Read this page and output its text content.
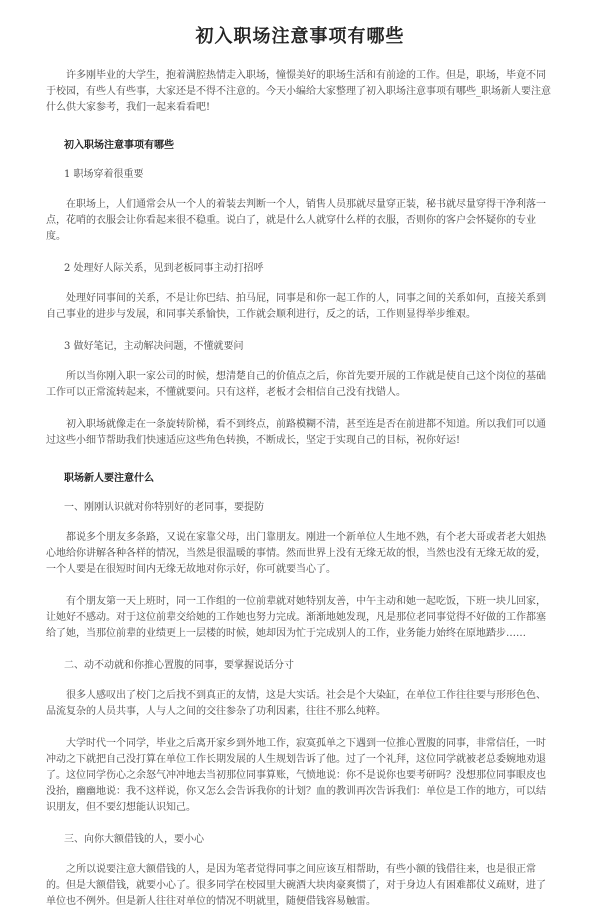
初入职场注意事项有哪些

许多刚毕业的大学生，抱着满腔热情走入职场，憧憬美好的职场生活和有前途的工作。但是，职场，毕竟不同于校园，有些人有些事，大家还是不得不注意的。今天小编给大家整理了初入职场注意事项有哪些_职场新人要注意什么供大家参考，我们一起来看看吧!

初入职场注意事项有哪些
1 职场穿着很重要

在职场上，人们通常会从一个人的着装去判断一个人，销售人员那就尽量穿正装，秘书就尽量穿得干净利落一点，花哨的衣服会让你看起来很不稳重。说白了，就是什么人就穿什么样的衣服，否则你的客户会怀疑你的专业度。

2 处理好人际关系，见到老板同事主动打招呼

处理好同事间的关系，不是让你巴结、拍马屁，同事是和你一起工作的人，同事之间的关系如何，直接关系到自己事业的进步与发展，和同事关系愉快，工作就会顺利进行，反之的话，工作则显得举步维艰。

3 做好笔记，主动解决问题，不懂就要问

所以当你刚入职一家公司的时候，想清楚自己的价值点之后，你首先要开展的工作就是使自己这个岗位的基础工作可以正常流转起来，不懂就要问。只有这样，老板才会相信自己没有找错人。

初入职场就像走在一条旋转阶梯，看不到终点，前路模糊不清，甚至连是否在前进都不知道。所以我们可以通过这些小细节帮助我们快速适应这些角色转换，不断成长，坚定于实现自己的目标，祝你好运!

职场新人要注意什么
一、刚刚认识就对你特别好的老同事，要提防

都说多个朋友多条路，又说在家靠父母，出门靠朋友。刚进一个新单位人生地不熟，有个老大哥或者老大姐热心地给你讲解各种各样的情况，当然是很温暖的事情。然而世界上没有无缘无故的恨，当然也没有无缘无故的爱，一个人要是在很短时间内无缘无故地对你示好，你可就要当心了。

有个朋友第一天上班时，同一工作组的一位前辈就对她特别友善，中午主动和她一起吃饭，下班一块儿回家，让她好不感动。对于这位前辈交给她的工作她也努力完成。渐渐地她发现，凡是那位老同事觉得不好做的工作都塞给了她，当那位前辈的业绩更上一层楼的时候，她却因为忙于完成别人的工作，业务能力始终在原地踏步……

二、动不动就和你推心置腹的同事，要掌握说话分寸

很多人感叹出了校门之后找不到真正的友情，这是大实话。社会是个大染缸，在单位工作往往要与形形色色、品流复杂的人员共事，人与人之间的交往参杂了功利因素，往往不那么纯粹。

大学时代一个同学，毕业之后离开家乡到外地工作，寂寞孤单之下遇到一位推心置腹的同事，非常信任，一时冲动之下就把自己没打算在单位工作长期发展的人生规划告诉了他。过了一个礼拜，这位同学就被老总委婉地劝退了。这位同学伤心之余怒气冲冲地去当初那位同事算账，气愤地说：你不是说你也要考研吗？没想那位同事眼皮也没抬，幽幽地说：我不这样说，你又怎么会告诉我你的计划？血的教训再次告诉我们：单位是工作的地方，可以结识朋友，但不要幻想能认识知己。

三、向你大额借钱的人，要小心

之所以说要注意大额借钱的人，是因为笔者觉得同事之间应该互相帮助，有些小额的钱借往来，也是很正常的。但是大额借钱，就要小心了。很多同学在校园里大碗酒大块肉豪爽惯了，对于身边人有困难都仗义疏财，进了单位也不例外。但是新人往往对单位的情况不明就里，随便借钱容易触雷。
